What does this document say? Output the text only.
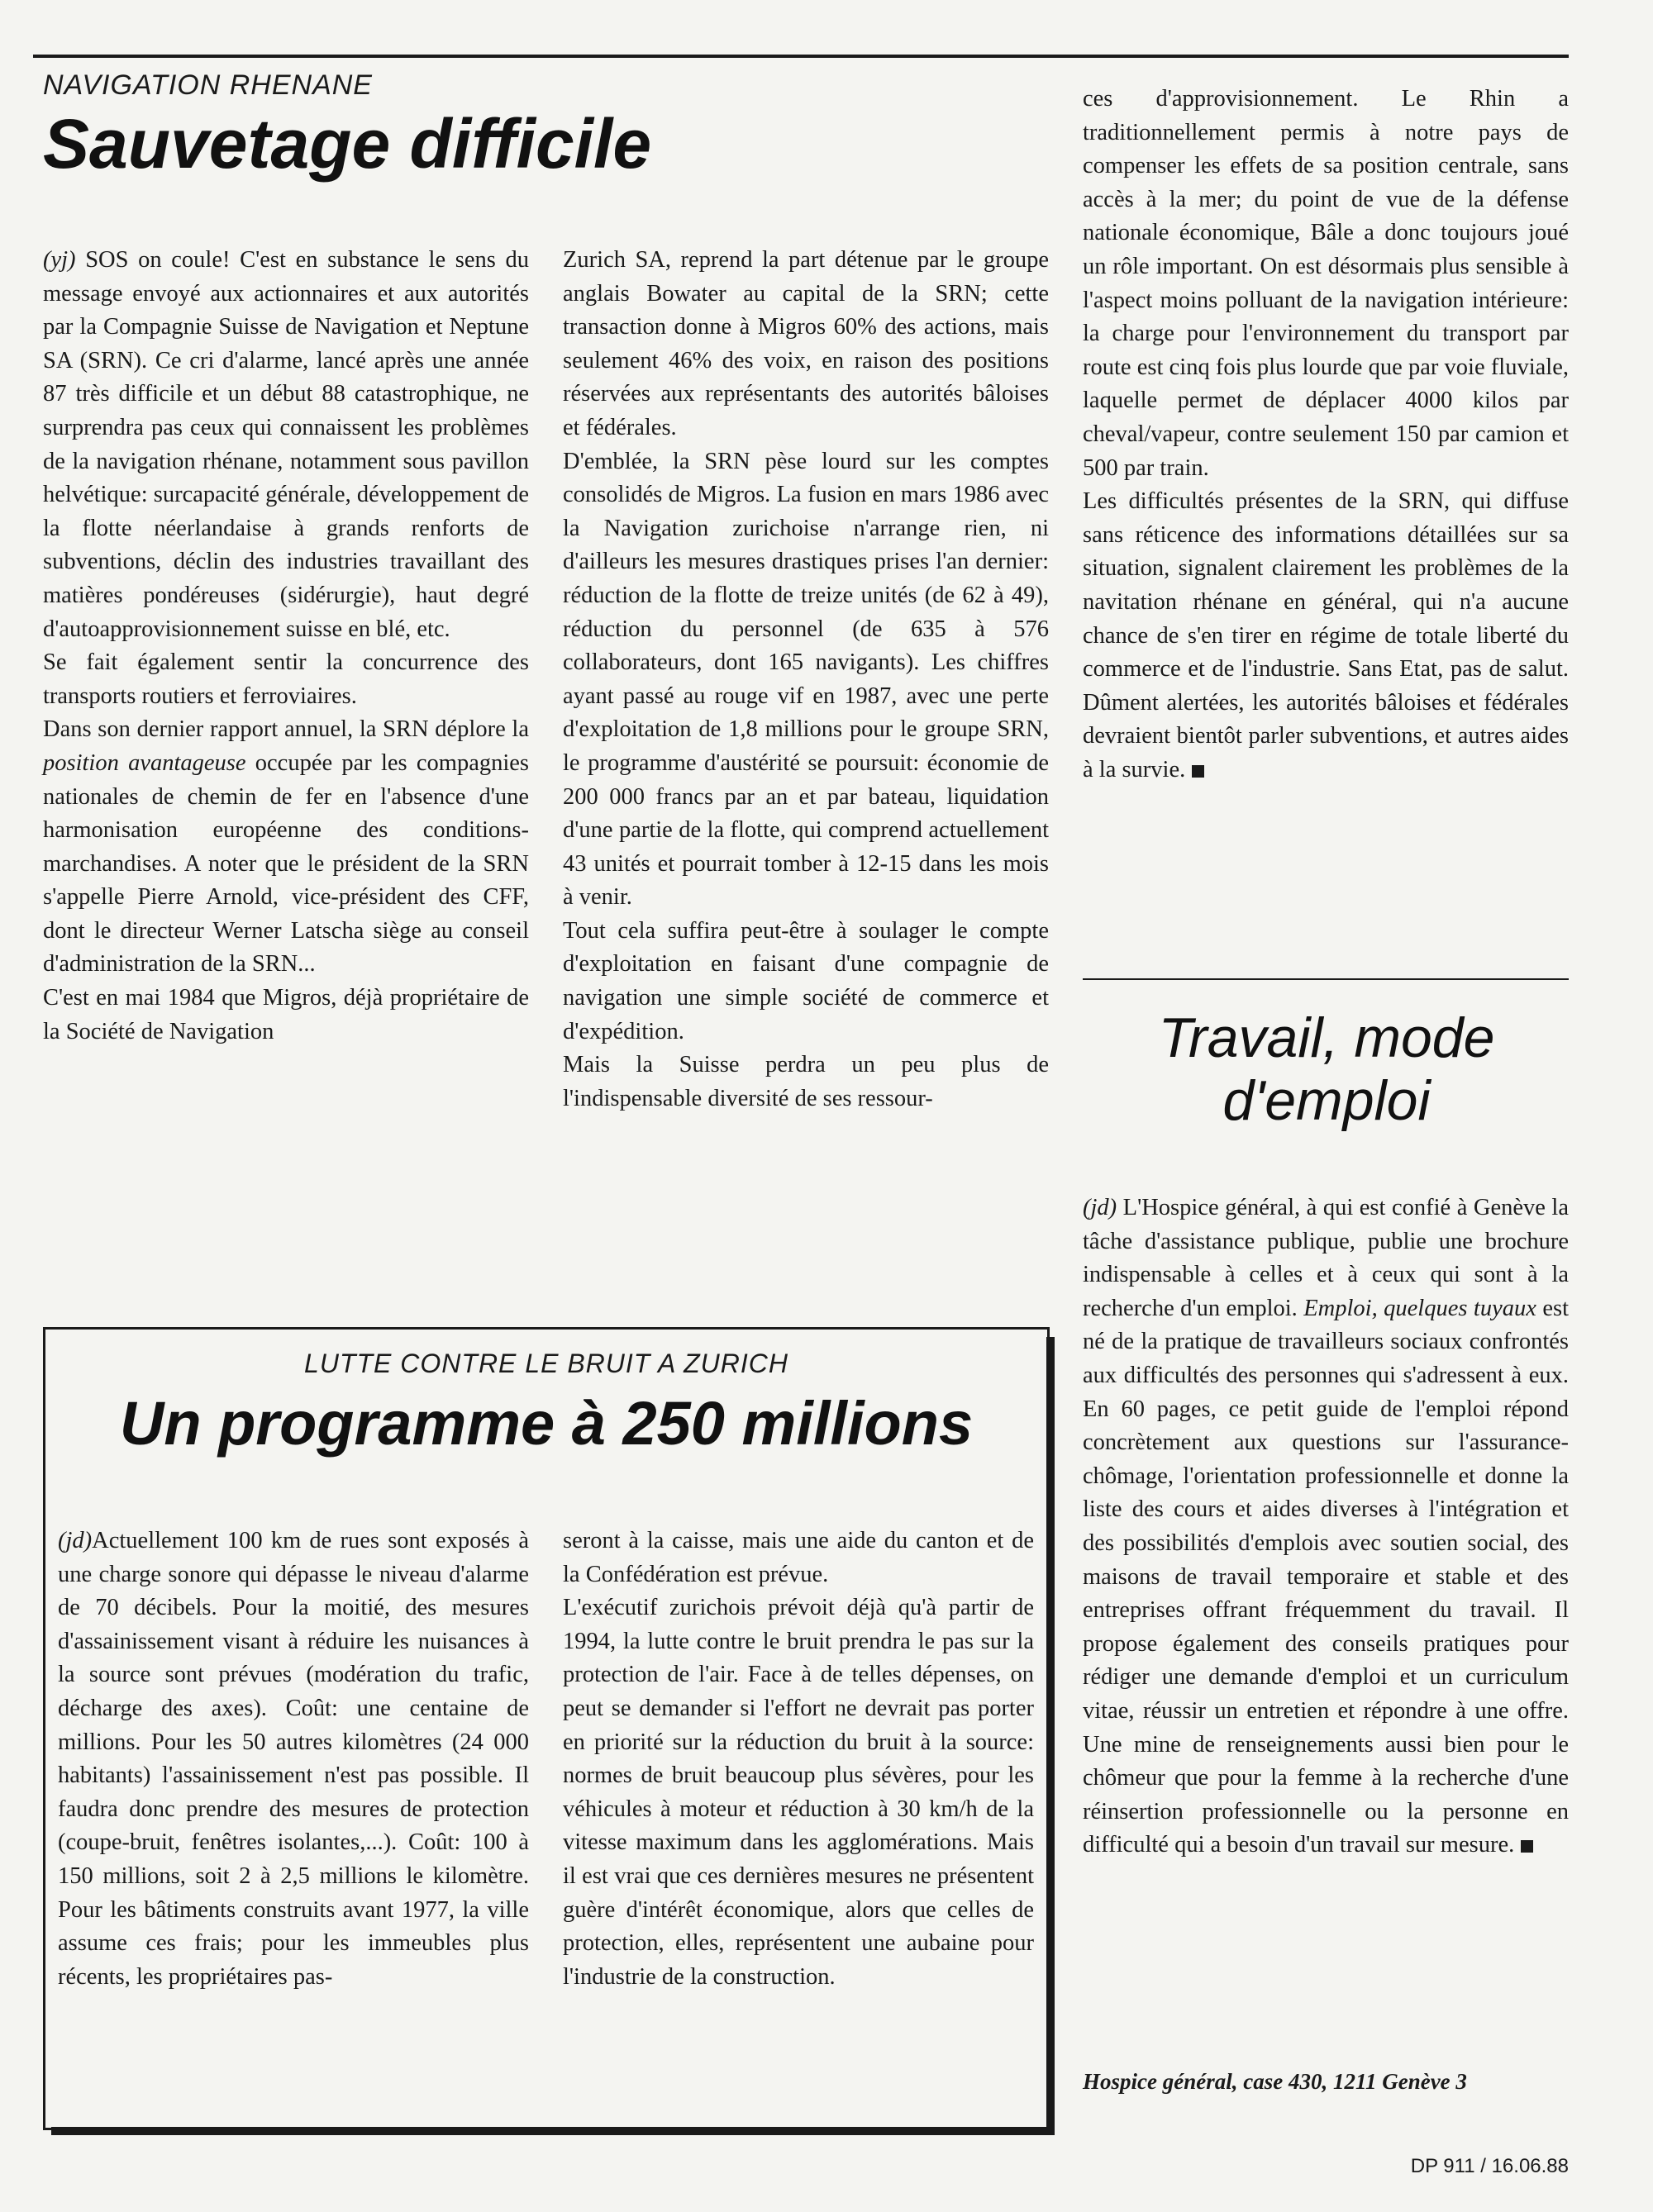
NAVIGATION RHENANE
Sauvetage difficile

(yj) SOS on coule! C'est en substance le sens du message envoyé aux actionnaires et aux autorités par la Compagnie Suisse de Navigation et Neptune SA (SRN). Ce cri d'alarme, lancé après une année 87 très difficile et un début 88 catastrophique, ne surprendra pas ceux qui connaissent les problèmes de la navigation rhénane, notamment sous pavillon helvétique: surcapacité générale, développement de la flotte néerlandaise à grands renforts de subventions, déclin des industries travaillant des matières pondéreuses (sidérurgie), haut degré d'autoapprovisionnement suisse en blé, etc.

Se fait également sentir la concurrence des transports routiers et ferroviaires.

Dans son dernier rapport annuel, la SRN déplore la position avantageuse occupée par les compagnies nationales de chemin de fer en l'absence d'une harmonisation européenne des conditions-marchandises. A noter que le président de la SRN s'appelle Pierre Arnold, vice-président des CFF, dont le directeur Werner Latscha siège au conseil d'administration de la SRN...

C'est en mai 1984 que Migros, déjà propriétaire de la Société de Navigation

Zurich SA, reprend la part détenue par le groupe anglais Bowater au capital de la SRN; cette transaction donne à Migros 60% des actions, mais seulement 46% des voix, en raison des positions réservées aux représentants des autorités bâloises et fédérales.

D'emblée, la SRN pèse lourd sur les comptes consolidés de Migros. La fusion en mars 1986 avec la Navigation zurichoise n'arrange rien, ni d'ailleurs les mesures drastiques prises l'an dernier: réduction de la flotte de treize unités (de 62 à 49), réduction du personnel (de 635 à 576 collaborateurs, dont 165 navigants). Les chiffres ayant passé au rouge vif en 1987, avec une perte d'exploitation de 1,8 millions pour le groupe SRN, le programme d'austérité se poursuit: économie de 200 000 francs par an et par bateau, liquidation d'une partie de la flotte, qui comprend actuellement 43 unités et pourrait tomber à 12-15 dans les mois à venir.

Tout cela suffira peut-être à soulager le compte d'exploitation en faisant d'une compagnie de navigation une simple société de commerce et d'expédition.

Mais la Suisse perdra un peu plus de l'indispensable diversité de ses ressour-

ces d'approvisionnement. Le Rhin a traditionnellement permis à notre pays de compenser les effets de sa position centrale, sans accès à la mer; du point de vue de la défense nationale économique, Bâle a donc toujours joué un rôle important. On est désormais plus sensible à l'aspect moins polluant de la navigation intérieure: la charge pour l'environnement du transport par route est cinq fois plus lourde que par voie fluviale, laquelle permet de déplacer 4000 kilos par cheval/vapeur, contre seulement 150 par camion et 500 par train.

Les difficultés présentes de la SRN, qui diffuse sans réticence des informations détaillées sur sa situation, signalent clairement les problèmes de la navitation rhénane en général, qui n'a aucune chance de s'en tirer en régime de totale liberté du commerce et de l'industrie. Sans Etat, pas de salut. Dûment alertées, les autorités bâloises et fédérales devraient bientôt parler subventions, et autres aides à la survie.

Travail, mode d'emploi

(jd) L'Hospice général, à qui est confié à Genève la tâche d'assistance publique, publie une brochure indispensable à celles et à ceux qui sont à la recherche d'un emploi. Emploi, quelques tuyaux est né de la pratique de travailleurs sociaux confrontés aux difficultés des personnes qui s'adressent à eux. En 60 pages, ce petit guide de l'emploi répond concrètement aux questions sur l'assurance-chômage, l'orientation professionnelle et donne la liste des cours et aides diverses à l'intégration et des possibilités d'emplois avec soutien social, des maisons de travail temporaire et stable et des entreprises offrant fréquemment du travail. Il propose également des conseils pratiques pour rédiger une demande d'emploi et un curriculum vitae, réussir un entretien et répondre à une offre. Une mine de renseignements aussi bien pour le chômeur que pour la femme à la recherche d'une réinsertion professionnelle ou la personne en difficulté qui a besoin d'un travail sur mesure.

Hospice général, case 430, 1211 Genève 3
LUTTE CONTRE LE BRUIT A ZURICH
Un programme à 250 millions

(jd)Actuellement 100 km de rues sont exposés à une charge sonore qui dépasse le niveau d'alarme de 70 décibels. Pour la moitié, des mesures d'assainissement visant à réduire les nuisances à la source sont prévues (modération du trafic, décharge des axes). Coût: une centaine de millions. Pour les 50 autres kilomètres (24 000 habitants) l'assainissement n'est pas possible. Il faudra donc prendre des mesures de protection (coupe-bruit, fenêtres isolantes,...). Coût: 100 à 150 millions, soit 2 à 2,5 millions le kilomètre. Pour les bâtiments construits avant 1977, la ville assume ces frais; pour les immeubles plus récents, les propriétaires pas-

seront à la caisse, mais une aide du canton et de la Confédération est prévue.

L'exécutif zurichois prévoit déjà qu'à partir de 1994, la lutte contre le bruit prendra le pas sur la protection de l'air. Face à de telles dépenses, on peut se demander si l'effort ne devrait pas porter en priorité sur la réduction du bruit à la source: normes de bruit beaucoup plus sévères, pour les véhicules à moteur et réduction à 30 km/h de la vitesse maximum dans les agglomérations. Mais il est vrai que ces dernières mesures ne présentent guère d'intérêt économique, alors que celles de protection, elles, représentent une aubaine pour l'industrie de la construction.

DP 911 / 16.06.88
